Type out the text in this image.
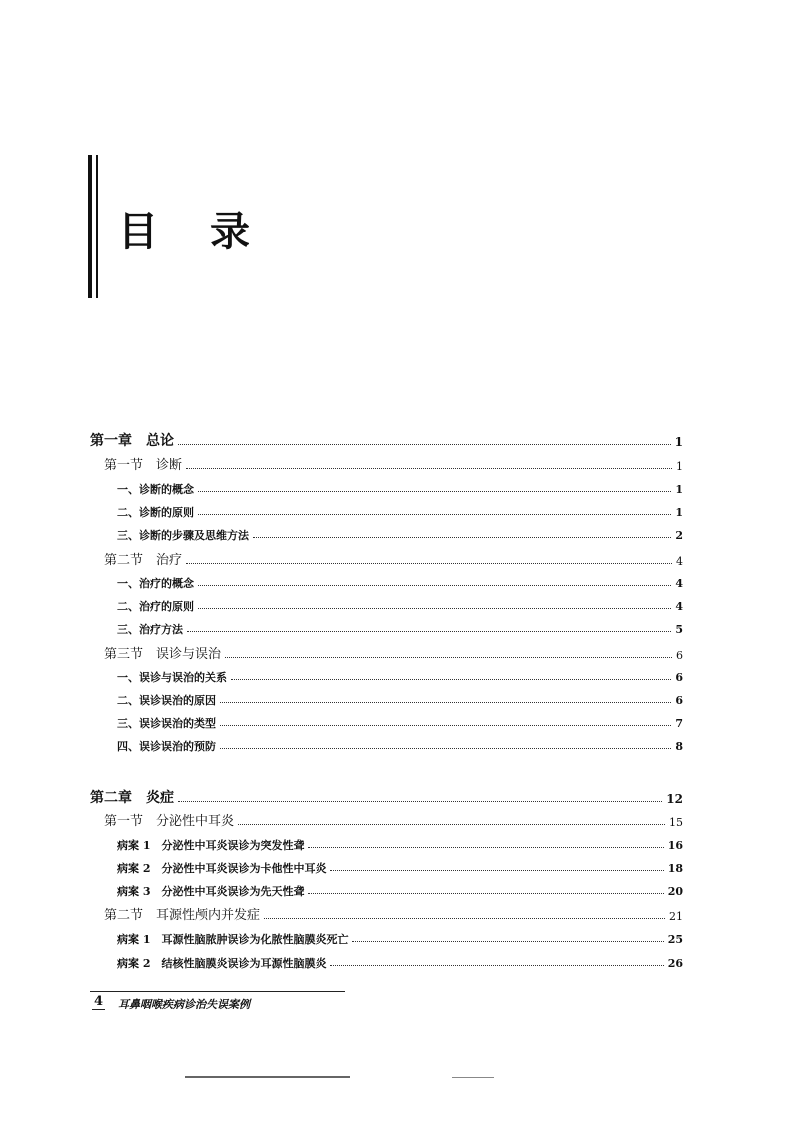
目录
第一章　总论	1
第一节　诊断	1
一、诊断的概念	1
二、诊断的原则	1
三、诊断的步骤及思维方法	2
第二节　治疗	4
一、治疗的概念	4
二、治疗的原则	4
三、治疗方法	5
第三节　误诊与误治	6
一、误诊与误治的关系	6
二、误诊误治的原因	6
三、误诊误治的类型	7
四、误诊误治的预防	8
第二章　炎症	12
第一节　分泌性中耳炎	15
病案 1　分泌性中耳炎误诊为突发性聋	16
病案 2　分泌性中耳炎误诊为卡他性中耳炎	18
病案 3　分泌性中耳炎误诊为先天性聋	20
第二节　耳源性颅内并发症	21
病案 1　耳源性脑脓肿误诊为化脓性脑膜炎死亡	25
病案 2　结核性脑膜炎误诊为耳源性脑膜炎	26
4 耳鼻咽喉疾病诊治失误案例
